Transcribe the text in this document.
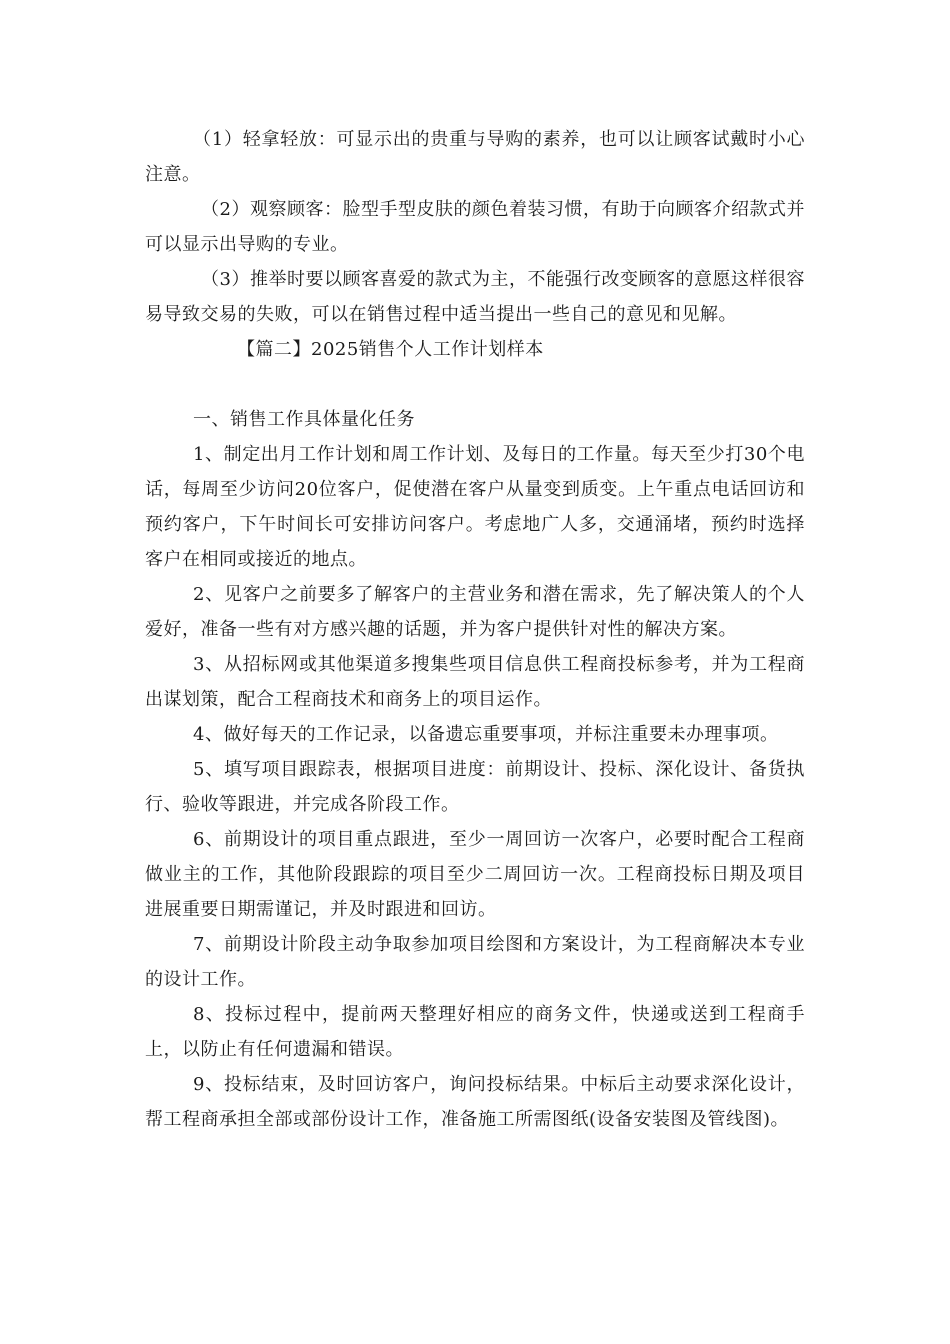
（1）轻拿轻放：可显示出的贵重与导购的素养，也可以让顾客试戴时小心注意。

（2）观察顾客：脸型手型皮肤的颜色着装习惯，有助于向顾客介绍款式并可以显示出导购的专业。

（3）推举时要以顾客喜爱的款式为主，不能强行改变顾客的意愿这样很容易导致交易的失败，可以在销售过程中适当提出一些自己的意见和见解。

【篇二】2025销售个人工作计划样本

一、销售工作具体量化任务

1、制定出月工作计划和周工作计划、及每日的工作量。每天至少打30个电话，每周至少访问20位客户，促使潜在客户从量变到质变。上午重点电话回访和预约客户，下午时间长可安排访问客户。考虑地广人多，交通涌堵，预约时选择客户在相同或接近的地点。

2、见客户之前要多了解客户的主营业务和潜在需求，先了解决策人的个人爱好，准备一些有对方感兴趣的话题，并为客户提供针对性的解决方案。

3、从招标网或其他渠道多搜集些项目信息供工程商投标参考，并为工程商出谋划策，配合工程商技术和商务上的项目运作。

4、做好每天的工作记录，以备遗忘重要事项，并标注重要未办理事项。

5、填写项目跟踪表，根据项目进度：前期设计、投标、深化设计、备货执行、验收等跟进，并完成各阶段工作。

6、前期设计的项目重点跟进，至少一周回访一次客户，必要时配合工程商做业主的工作，其他阶段跟踪的项目至少二周回访一次。工程商投标日期及项目进展重要日期需谨记，并及时跟进和回访。

7、前期设计阶段主动争取参加项目绘图和方案设计，为工程商解决本专业的设计工作。

8、投标过程中，提前两天整理好相应的商务文件，快递或送到工程商手上，以防止有任何遗漏和错误。

9、投标结束，及时回访客户，询问投标结果。中标后主动要求深化设计，帮工程商承担全部或部份设计工作，准备施工所需图纸(设备安装图及管线图)。
